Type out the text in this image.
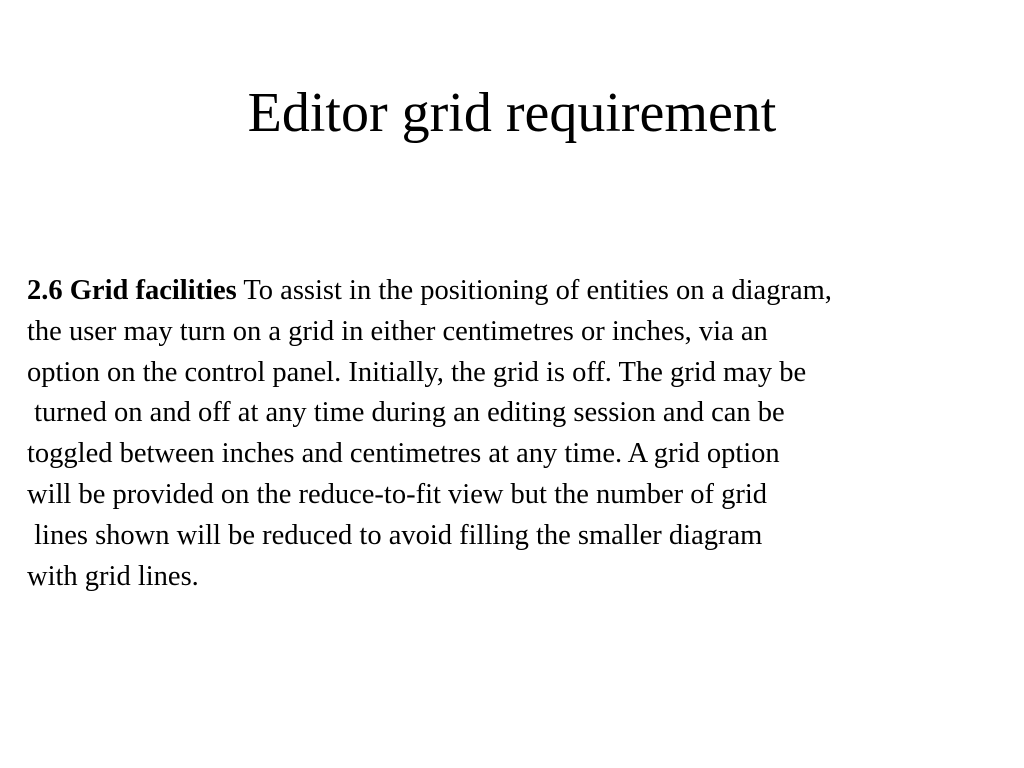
Editor grid requirement
2.6 Grid facilities To assist in the positioning of entities on a diagram,
the user may turn on a grid in either centimetres or inches, via an
option on the control panel. Initially, the grid is off. The grid may be
turned on and off at any time during an editing session and can be
toggled between inches and centimetres at any time. A grid option
will be provided on the reduce-to-fit view but the number of grid
lines shown will be reduced to avoid filling the smaller diagram
with grid lines.
